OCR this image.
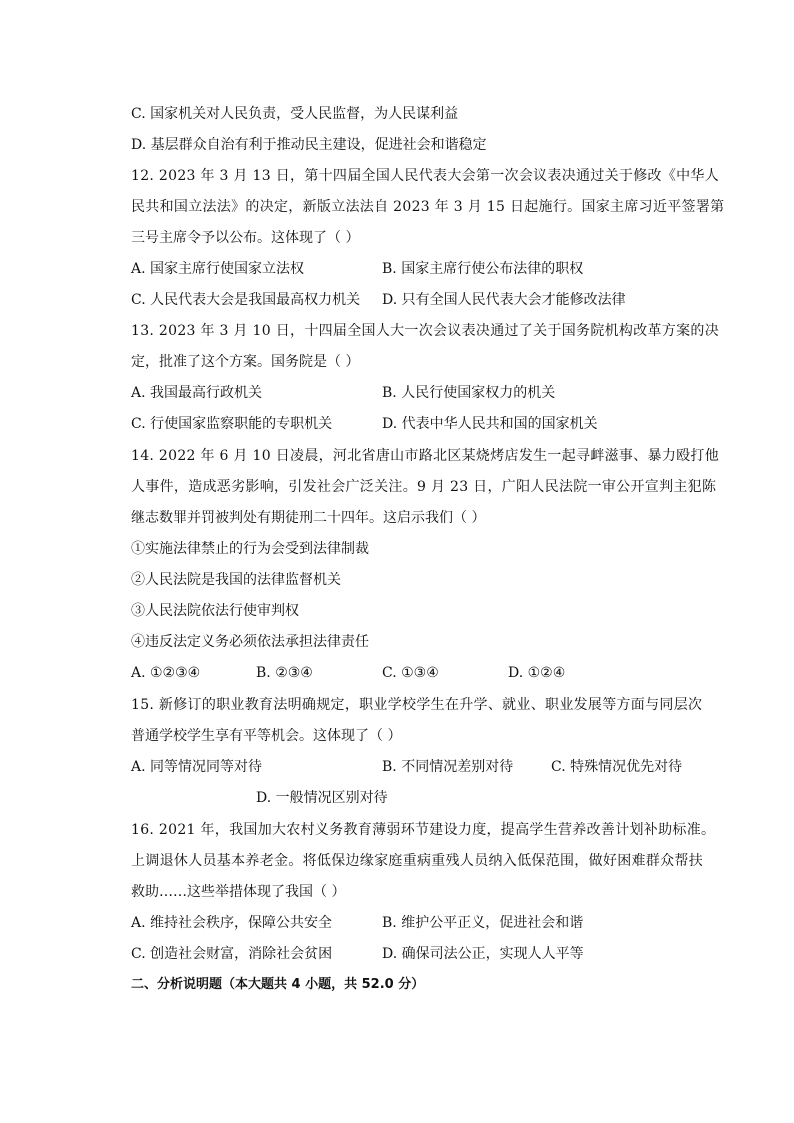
C. 国家机关对人民负责，受人民监督，为人民谋利益
D. 基层群众自治有利于推动民主建设，促进社会和谐稳定
12. 2023 年 3 月 13 日，第十四届全国人民代表大会第一次会议表决通过关于修改《中华人
民共和国立法法》的决定，新版立法法自 2023 年 3 月 15 日起施行。国家主席习近平签署第
三号主席令予以公布。这体现了（ ）
A. 国家主席行使国家立法权	B. 国家主席行使公布法律的职权
C. 人民代表大会是我国最高权力机关 D. 只有全国人民代表大会才能修改法律
13. 2023 年 3 月 10 日，十四届全国人大一次会议表决通过了关于国务院机构改革方案的决
定，批准了这个方案。国务院是（ ）
A. 我国最高行政机关	B. 人民行使国家权力的机关
C. 行使国家监察职能的专职机关	D. 代表中华人民共和国的国家机关
14. 2022 年 6 月 10 日凌晨，河北省唐山市路北区某烧烤店发生一起寻衅滋事、暴力殴打他
人事件，造成恶劣影响，引发社会广泛关注。9 月 23 日，广阳人民法院一审公开宣判主犯陈
继志数罪并罚被判处有期徒刑二十四年。这启示我们（ ）
①实施法律禁止的行为会受到法律制裁
②人民法院是我国的法律监督机关
③人民法院依法行使审判权
④违反法定义务必须依法承担法律责任
A. ①②③④	B. ②③④	C. ①③④	D. ①②④
15. 新修订的职业教育法明确规定，职业学校学生在升学、就业、职业发展等方面与同层次
普通学校学生享有平等机会。这体现了（ ）
A. 同等情况同等对待	B. 不同情况差别对待	C. 特殊情况优先对待
D. 一般情况区别对待
16. 2021 年，我国加大农村义务教育薄弱环节建设力度，提高学生营养改善计划补助标准。
上调退休人员基本养老金。将低保边缘家庭重病重残人员纳入低保范围，做好困难群众帮扶
救助……这些举措体现了我国（ ）
A. 维持社会秩序，保障公共安全	B. 维护公平正义，促进社会和谐
C. 创造社会财富，消除社会贫困	D. 确保司法公正，实现人人平等
二、分析说明题（本大题共 4 小题，共 52.0 分）
